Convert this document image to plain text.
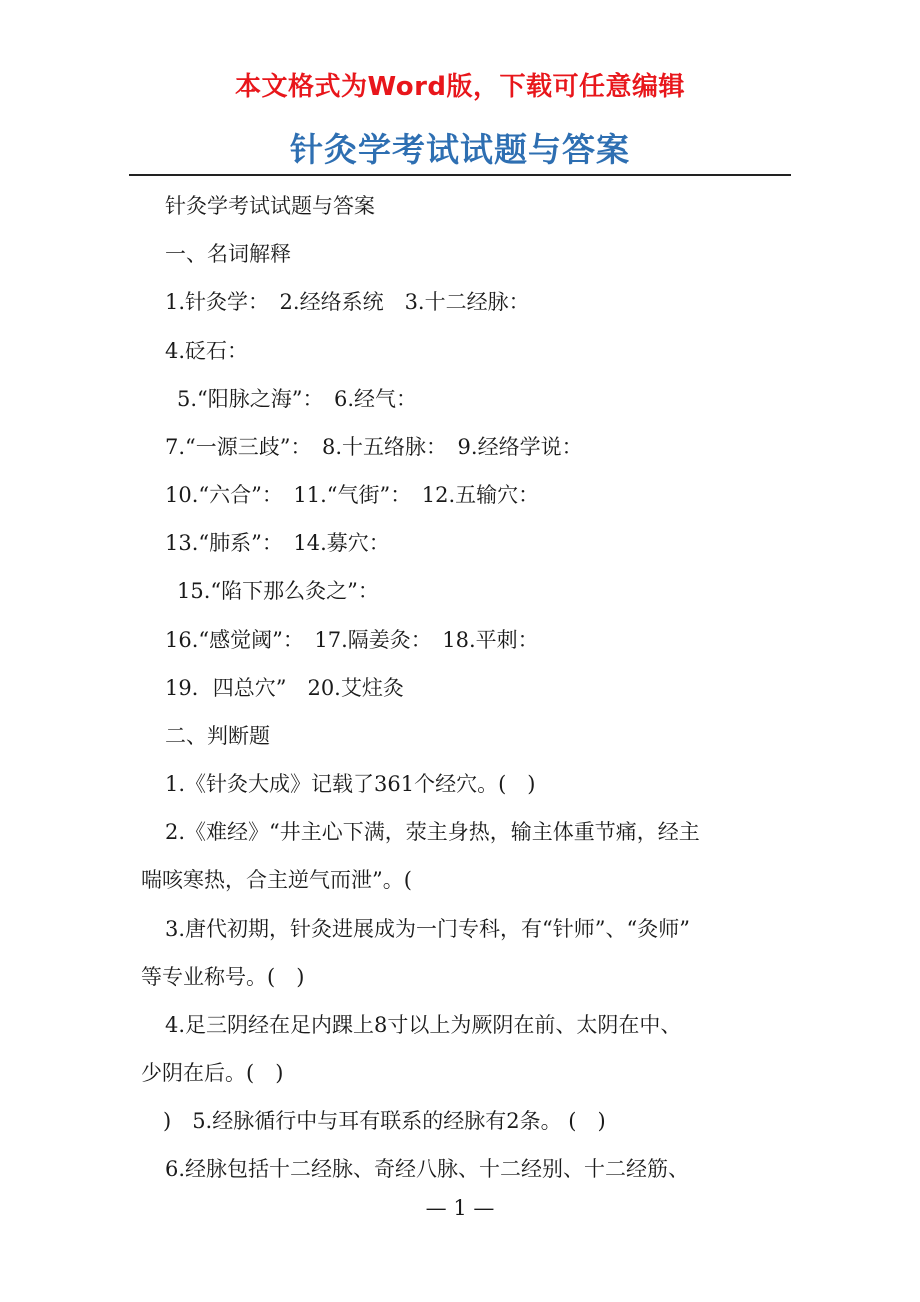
本文格式为Word版，下载可任意编辑
针灸学考试试题与答案
针灸学考试试题与答案
一、名词解释
1.针灸学：　2.经络系统　3.十二经脉：
4.砭石：
5.“阳脉之海”：　6.经气：
7.“一源三歧”：　8.十五络脉：　9.经络学说：
10.“六合”：　11.“气街”：　12.五输穴：
13.“肺系”：　14.募穴：
15.“陷下那么灸之”：
16.“感觉阈”：　17.隔姜灸：　18.平刺：
19．四总穴”　20.艾炷灸
二、判断题
1.《针灸大成》记载了361个经穴。(　)
2.《难经》“井主心下满，荥主身热，输主体重节痛，经主
喘咳寒热，合主逆气而泄”。(
3.唐代初期，针灸进展成为一门专科，有“针师”、“灸师”
等专业称号。(　)
4.足三阴经在足内踝上8寸以上为厥阴在前、太阴在中、
少阴在后。(　)
)　5.经脉循行中与耳有联系的经脉有2条。 (　)
6.经脉包括十二经脉、奇经八脉、十二经别、十二经筋、
— 1 —
